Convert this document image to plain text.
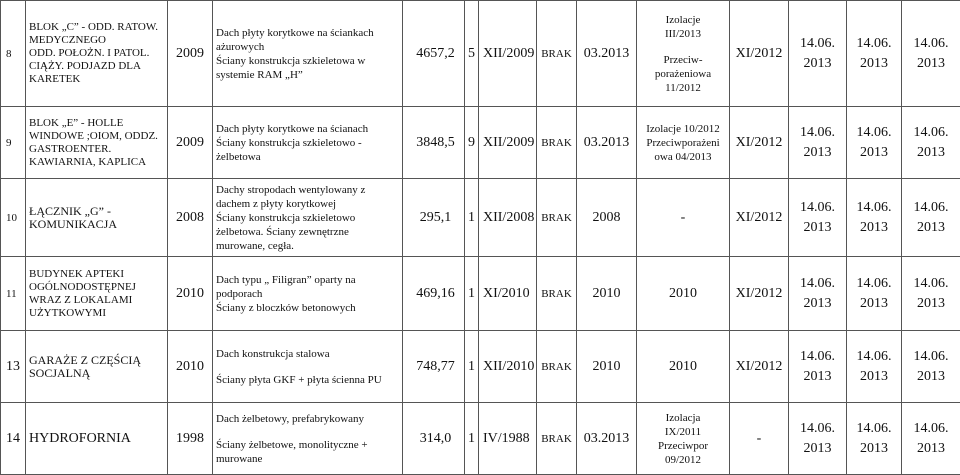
8	BLOK „C” - ODD. RATOW.
MEDYCZNEGO
ODD. POŁOŻN. I PATOL.
CIĄŻY. PODJAZD DLA
KARETEK	2009	Dach płyty korytkowe na ściankach
ażurowych
Ściany konstrukcja szkieletowa w
systemie RAM „H”	4657,2	5	XII/2009	BRAK	03.2013	Izolacje
III/2013

Przeciw-
porażeniowa
11/2012	XI/2012	14.06.
2013	14.06.
2013	14.06.
2013
9	BLOK „E” - HOLLE
WINDOWE ;OIOM, ODDZ.
GASTROENTER.
KAWIARNIA, KAPLICA	2009	Dach płyty korytkowe na ścianach
Ściany konstrukcja szkieletowo -
żelbetowa	3848,5	9	XII/2009	BRAK	03.2013	Izolacje 10/2012
Przeciwporażeni
owa 04/2013	XI/2012	14.06.
2013	14.06.
2013	14.06.
2013
10	ŁĄCZNIK „G” -
KOMUNIKACJA	2008	Dachy stropodach wentylowany z
dachem z płyty korytkowej
Ściany konstrukcja szkieletowo
żelbetowa. Ściany zewnętrzne
murowane, cegła.	295,1	1	XII/2008	BRAK	2008	-	XI/2012	14.06.
2013	14.06.
2013	14.06.
2013
11	BUDYNEK APTEKI
OGÓLNODOSTĘPNEJ
WRAZ Z LOKALAMI
UŻYTKOWYMI	2010	Dach typu „ Filigran” oparty na
podporach
Ściany z bloczków betonowych	469,16	1	XI/2010	BRAK	2010	2010	XI/2012	14.06.
2013	14.06.
2013	14.06.
2013
13	GARAŻE Z CZĘŚCIĄ
SOCJALNĄ	2010	Dach konstrukcja stalowa

Ściany płyta GKF + płyta ścienna PU	748,77	1	XII/2010	BRAK	2010	2010	XI/2012	14.06.
2013	14.06.
2013	14.06.
2013
14	HYDROFORNIA	1998	Dach żelbetowy, prefabrykowany

Ściany żelbetowe, monolityczne +
murowane	314,0	1	IV/1988	BRAK	03.2013	Izolacja
IX/2011
Przeciwpor
09/2012	-	14.06.
2013	14.06.
2013	14.06.
2013
